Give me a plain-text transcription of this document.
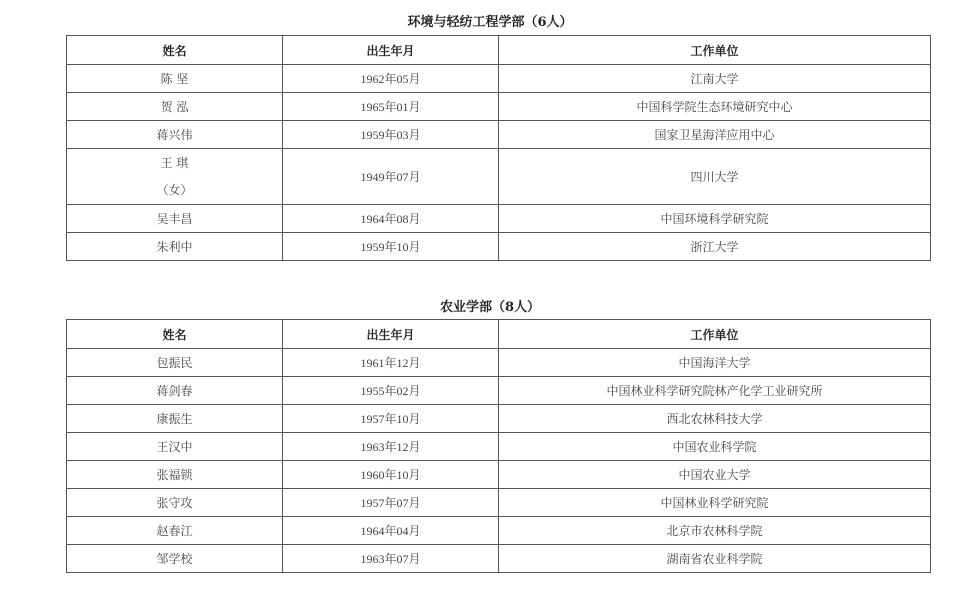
环境与轻纺工程学部（6人）
姓名	出生年月	工作单位
陈 坚	1962年05月	江南大学
贺 泓	1965年01月	中国科学院生态环境研究中心
蒋兴伟	1959年03月	国家卫星海洋应用中心

王 琪
（女）	1949年07月	四川大学
吴丰昌	1964年08月	中国环境科学研究院
朱利中	1959年10月	浙江大学
农业学部（8人）
姓名	出生年月	工作单位
包振民	1961年12月	中国海洋大学
蒋剑春	1955年02月	中国林业科学研究院林产化学工业研究所
康振生	1957年10月	西北农林科技大学
王汉中	1963年12月	中国农业科学院
张福锁	1960年10月	中国农业大学
张守攻	1957年07月	中国林业科学研究院
赵春江	1964年04月	北京市农林科学院
邹学校	1963年07月	湖南省农业科学院
